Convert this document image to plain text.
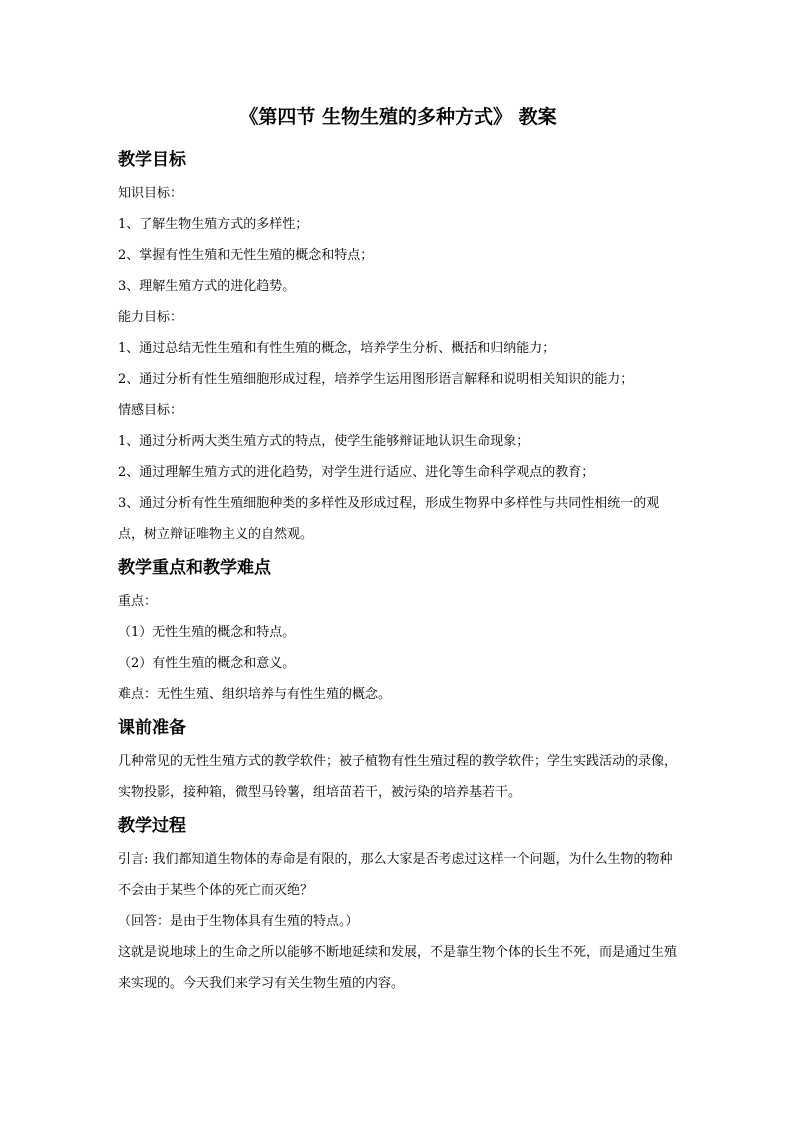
《第四节 生物生殖的多种方式》 教案
教学目标

知识目标：

1、了解生物生殖方式的多样性；

2、掌握有性生殖和无性生殖的概念和特点；

3、理解生殖方式的进化趋势。

能力目标：

1、通过总结无性生殖和有性生殖的概念，培养学生分析、概括和归纳能力；

2、通过分析有性生殖细胞形成过程，培养学生运用图形语言解释和说明相关知识的能力；

情感目标：

1、通过分析两大类生殖方式的特点，使学生能够辩证地认识生命现象；

2、通过理解生殖方式的进化趋势，对学生进行适应、进化等生命科学观点的教育；

3、通过分析有性生殖细胞种类的多样性及形成过程，形成生物界中多样性与共同性相统一的观点，树立辩证唯物主义的自然观。

教学重点和教学难点

重点：

（1）无性生殖的概念和特点。

（2）有性生殖的概念和意义。

难点：无性生殖、组织培养与有性生殖的概念。

课前准备

几种常见的无性生殖方式的教学软件；被子植物有性生殖过程的教学软件；学生实践活动的录像，实物投影，接种箱，微型马铃薯，组培苗若干，被污染的培养基若干。

教学过程

引言: 我们都知道生物体的寿命是有限的，那么大家是否考虑过这样一个问题，为什么生物的物种不会由于某些个体的死亡而灭绝？

（回答：是由于生物体具有生殖的特点。）

这就是说地球上的生命之所以能够不断地延续和发展，不是靠生物个体的长生不死，而是通过生殖来实现的。今天我们来学习有关生物生殖的内容。
